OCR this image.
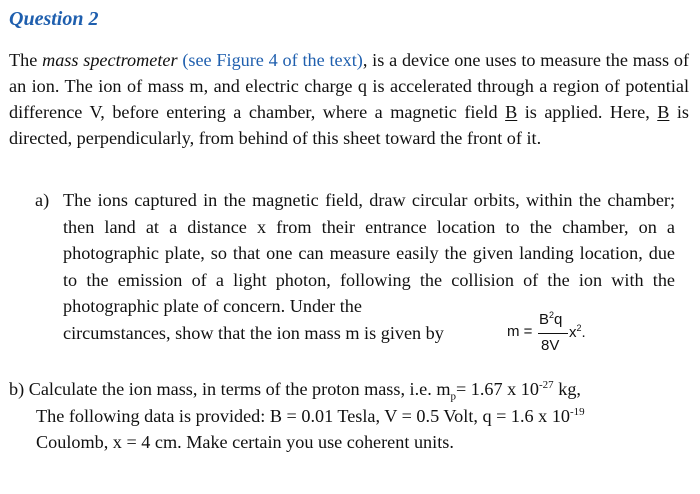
Question 2

The mass spectrometer (see Figure 4 of the text), is a device one uses to measure the mass of an ion. The ion of mass m, and electric charge q is accelerated through a region of potential difference V, before entering a chamber, where a magnetic field B is applied. Here, B is directed, perpendicularly, from behind of this sheet toward the front of it.

a) The ions captured in the magnetic field, draw circular orbits, within the chamber; then land at a distance x from their entrance location to the chamber, on a photographic plate, so that one can measure easily the given landing location, due to the emission of a light photon, following the collision of the ion with the photographic plate of concern. Under the

circumstances, show that the ion mass m is given by	m =
$B^2q$
8V
$x^2$.
b) Calculate the ion mass, in terms of the proton mass, i.e. $m_p= 1.67$ x $10^{-27}$ kg,
The following data is provided: B = 0.01 Tesla, V = 0.5 Volt, q = 1.6 x $10^{-19}$
Coulomb, x = 4 cm. Make certain you use coherent units.
